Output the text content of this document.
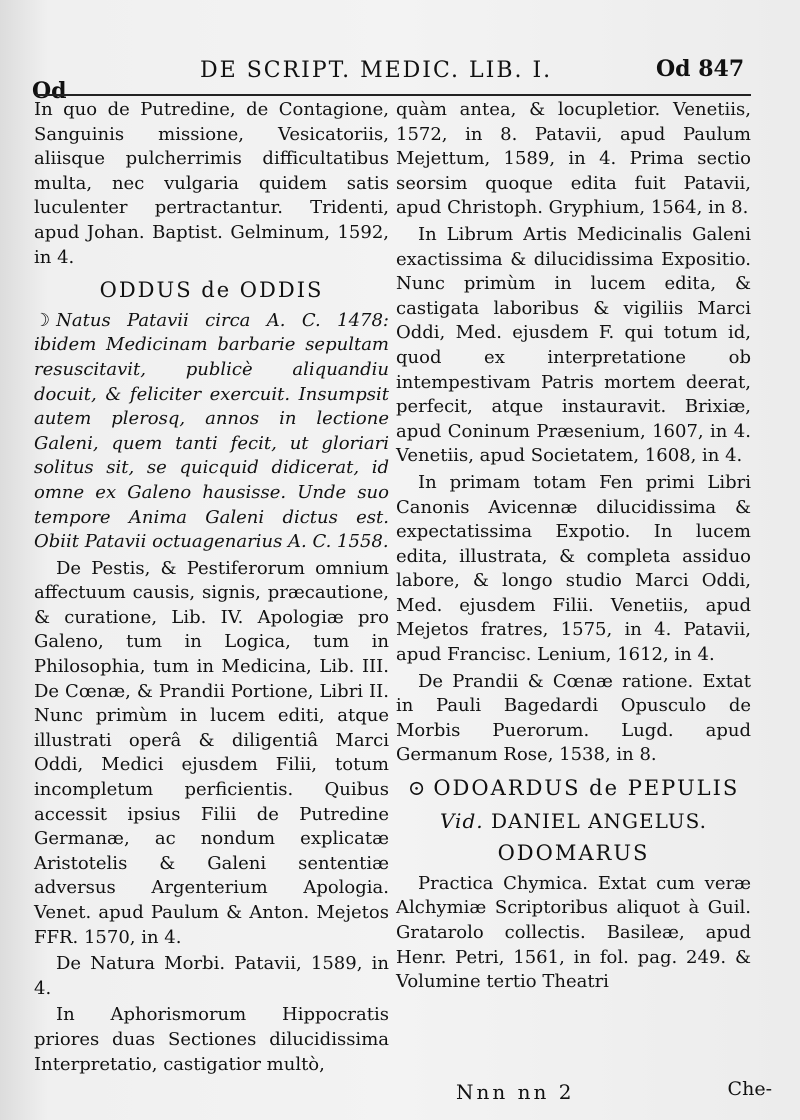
Od
DE SCRIPT. MEDIC. LIB. I.	Od 847

In quo de Putredine, de Contagione, Sanguinis missione, Vesicatoriis, aliisque pulcherrimis difficultatibus multa, nec vulgaria quidem satis luculenter pertractantur. Tridenti, apud Johan. Baptist. Gelminum, 1592, in 4.

ODDUS de ODDIS

☽ Natus Patavii circa A. C. 1478: ibidem Medicinam barbarie sepultam resuscitavit, publicè aliquandiu docuit, & feliciter exercuit. Insumpsit autem plerosq, annos in lectione Galeni, quem tanti fecit, ut gloriari solitus sit, se quicquid didicerat, id omne ex Galeno hausisse. Unde suo tempore Anima Galeni dictus est. Obiit Patavii octuagenarius A. C. 1558.

De Pestis, & Pestiferorum omnium affectuum causis, signis, præcautione, & curatione, Lib. IV. Apologiæ pro Galeno, tum in Logica, tum in Philosophia, tum in Medicina, Lib. III. De Cœnæ, & Prandii Portione, Libri II. Nunc primùm in lucem editi, atque illustrati operâ & diligentiâ Marci Oddi, Medici ejusdem Filii, totum incompletum perficientis. Quibus accessit ipsius Filii de Putredine Germanæ, ac nondum explicatæ Aristotelis & Galeni sententiæ adversus Argenterium Apologia. Venet. apud Paulum & Anton. Mejetos FFR. 1570, in 4.

De Natura Morbi. Patavii, 1589, in 4.

In Aphorismorum Hippocratis priores duas Sectiones dilucidissima Interpretatio, castigatior multò,

quàm antea, & locupletior. Venetiis, 1572, in 8. Patavii, apud Paulum Mejettum, 1589, in 4. Prima sectio seorsim quoque edita fuit Patavii, apud Christoph. Gryphium, 1564, in 8.

In Librum Artis Medicinalis Galeni exactissima & dilucidissima Expositio. Nunc primùm in lucem edita, & castigata laboribus & vigiliis Marci Oddi, Med. ejusdem F. qui totum id, quod ex interpretatione ob intempestivam Patris mortem deerat, perfecit, atque instauravit. Brixiæ, apud Coninum Præsenium, 1607, in 4. Venetiis, apud Societatem, 1608, in 4.

In primam totam Fen primi Libri Canonis Avicennæ dilucidissima & expectatissima Expotio. In lucem edita, illustrata, & completa assiduo labore, & longo studio Marci Oddi, Med. ejusdem Filii. Venetiis, apud Mejetos fratres, 1575, in 4. Patavii, apud Francisc. Lenium, 1612, in 4.

De Prandii & Cœnæ ratione. Extat in Pauli Bagedardi Opusculo de Morbis Puerorum. Lugd. apud Germanum Rose, 1538, in 8.

⊙ ODOARDUS de PEPULIS
Vid. DANIEL ANGELUS.
ODOMARUS

Practica Chymica. Extat cum veræ Alchymiæ Scriptoribus aliquot à Guil. Gratarolo collectis. Basileæ, apud Henr. Petri, 1561, in fol. pag. 249. & Volumine tertio Theatri

Nnn nn 2	Che-
